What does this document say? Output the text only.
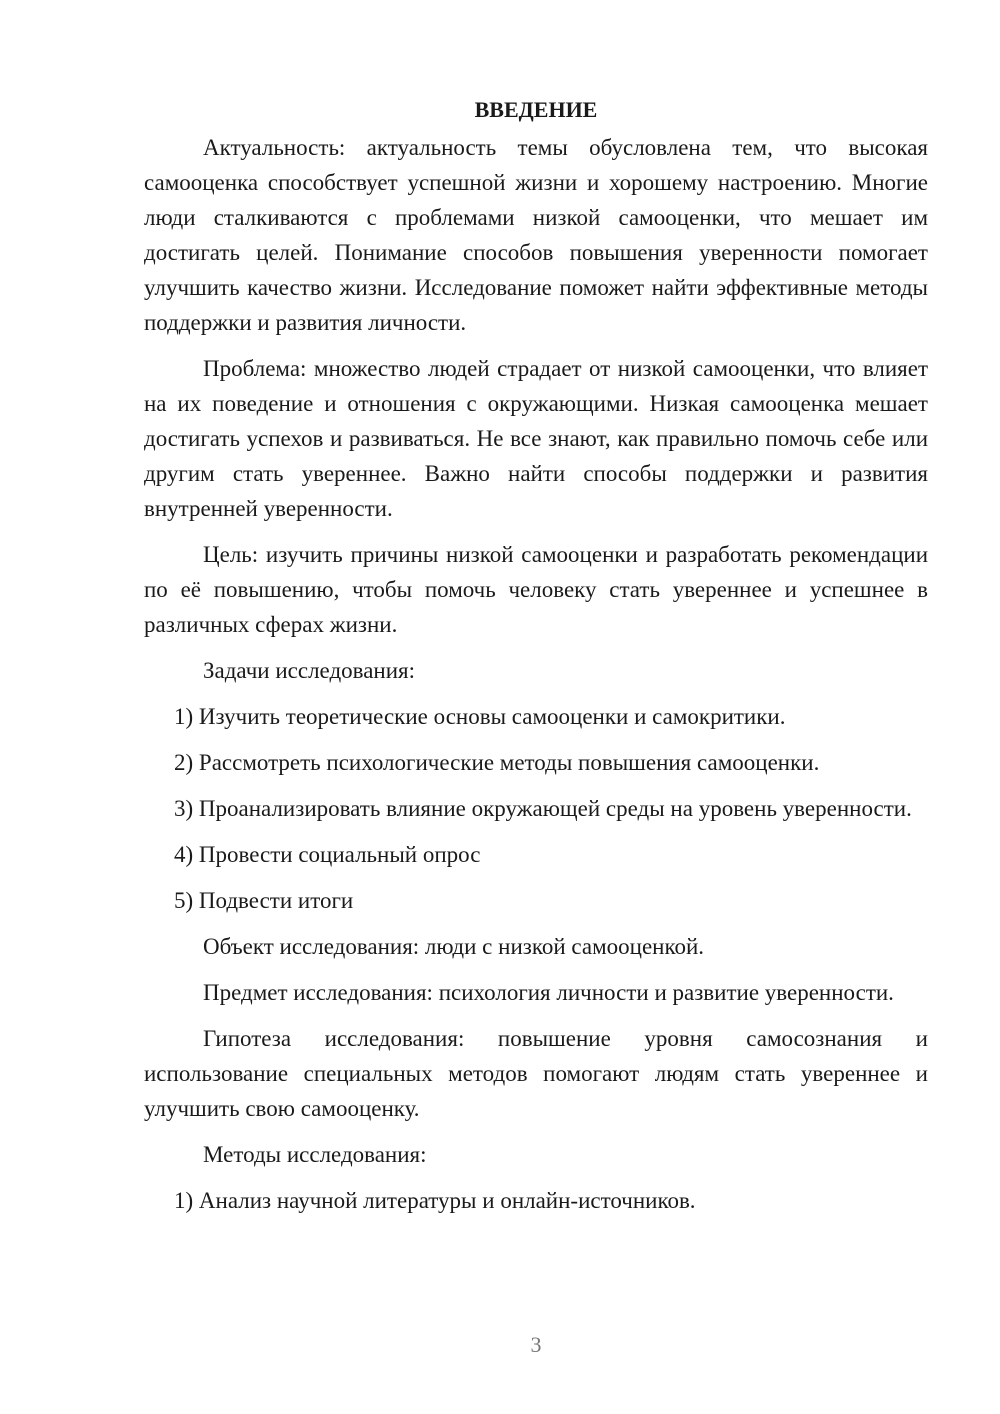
ВВЕДЕНИЕ

Актуальность: актуальность темы обусловлена тем, что высокая самооценка способствует успешной жизни и хорошему настроению. Многие люди сталкиваются с проблемами низкой самооценки, что мешает им достигать целей. Понимание способов повышения уверенности помогает улучшить качество жизни. Исследование поможет найти эффективные методы поддержки и развития личности.

Проблема: множество людей страдает от низкой самооценки, что влияет на их поведение и отношения с окружающими. Низкая самооценка мешает достигать успехов и развиваться. Не все знают, как правильно помочь себе или другим стать увереннее. Важно найти способы поддержки и развития внутренней уверенности.

Цель: изучить причины низкой самооценки и разработать рекомендации по её повышению, чтобы помочь человеку стать увереннее и успешнее в различных сферах жизни.

Задачи исследования:

1) Изучить теоретические основы самооценки и самокритики.

2) Рассмотреть психологические методы повышения самооценки.

3) Проанализировать влияние окружающей среды на уровень уверенности.

4) Провести социальный опрос

5) Подвести итоги

Объект исследования: люди с низкой самооценкой.

Предмет исследования: психология личности и развитие уверенности.

Гипотеза исследования: повышение уровня самосознания и использование специальных методов помогают людям стать увереннее и улучшить свою самооценку.

Методы исследования:

1) Анализ научной литературы и онлайн-источников.

3
